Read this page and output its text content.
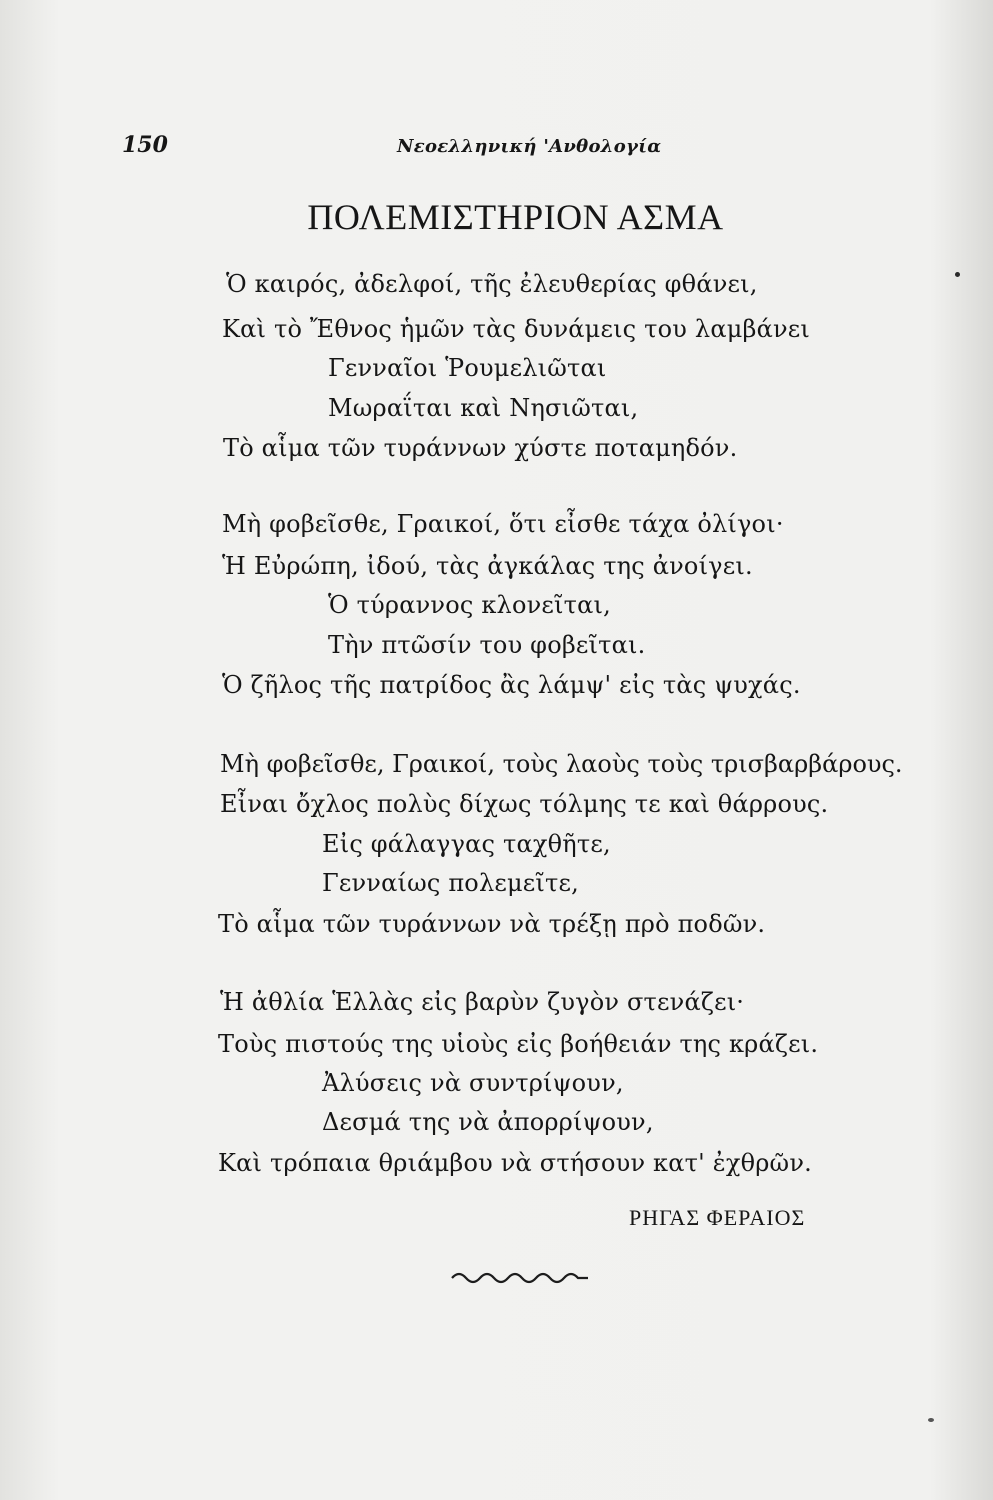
150	Νεοελληνική 'Ανθολογία
ΠΟΛΕΜΙΣΤΗΡΙΟΝ ΑΣΜΑ
Ὁ καιρός, ἀδελφοί, τῆς ἐλευθερίας φθάνει,
Καὶ τὸ Ἔθνος ἡμῶν τὰς δυνάμεις του λαμβάνει
Γενναῖοι Ῥουμελιῶται
Μωραΐται καὶ Νησιῶται,
Τὸ αἷμα τῶν τυράννων χύστε ποταμηδόν.
Μὴ φοβεῖσθε, Γραικοί, ὅτι εἶσθε τάχα ὀλίγοι·
Ἡ Εὐρώπη, ἰδού, τὰς ἀγκάλας της ἀνοίγει.
Ὁ τύραννος κλονεῖται,
Τὴν πτῶσίν του φοβεῖται.
Ὁ ζῆλος τῆς πατρίδος ἂς λάμψ' εἰς τὰς ψυχάς.
Μὴ φοβεῖσθε, Γραικοί, τοὺς λαοὺς τοὺς τρισβαρβάρους.
Εἶναι ὄχλος πολὺς δίχως τόλμης τε καὶ θάρρους.
Εἰς φάλαγγας ταχθῆτε,
Γενναίως πολεμεῖτε,
Τὸ αἷμα τῶν τυράννων νὰ τρέξῃ πρὸ ποδῶν.
Ἡ ἀθλία Ἑλλὰς εἰς βαρὺν ζυγὸν στενάζει·
Τοὺς πιστούς της υἱοὺς εἰς βοήθειάν της κράζει.
Ἀλύσεις νὰ συντρίψουν,
Δεσμά της νὰ ἀπορρίψουν,
Καὶ τρόπαια θριάμβου νὰ στήσουν κατ' ἐχθρῶν.
ΡΗΓΑΣ ΦΕΡΑΙΟΣ
